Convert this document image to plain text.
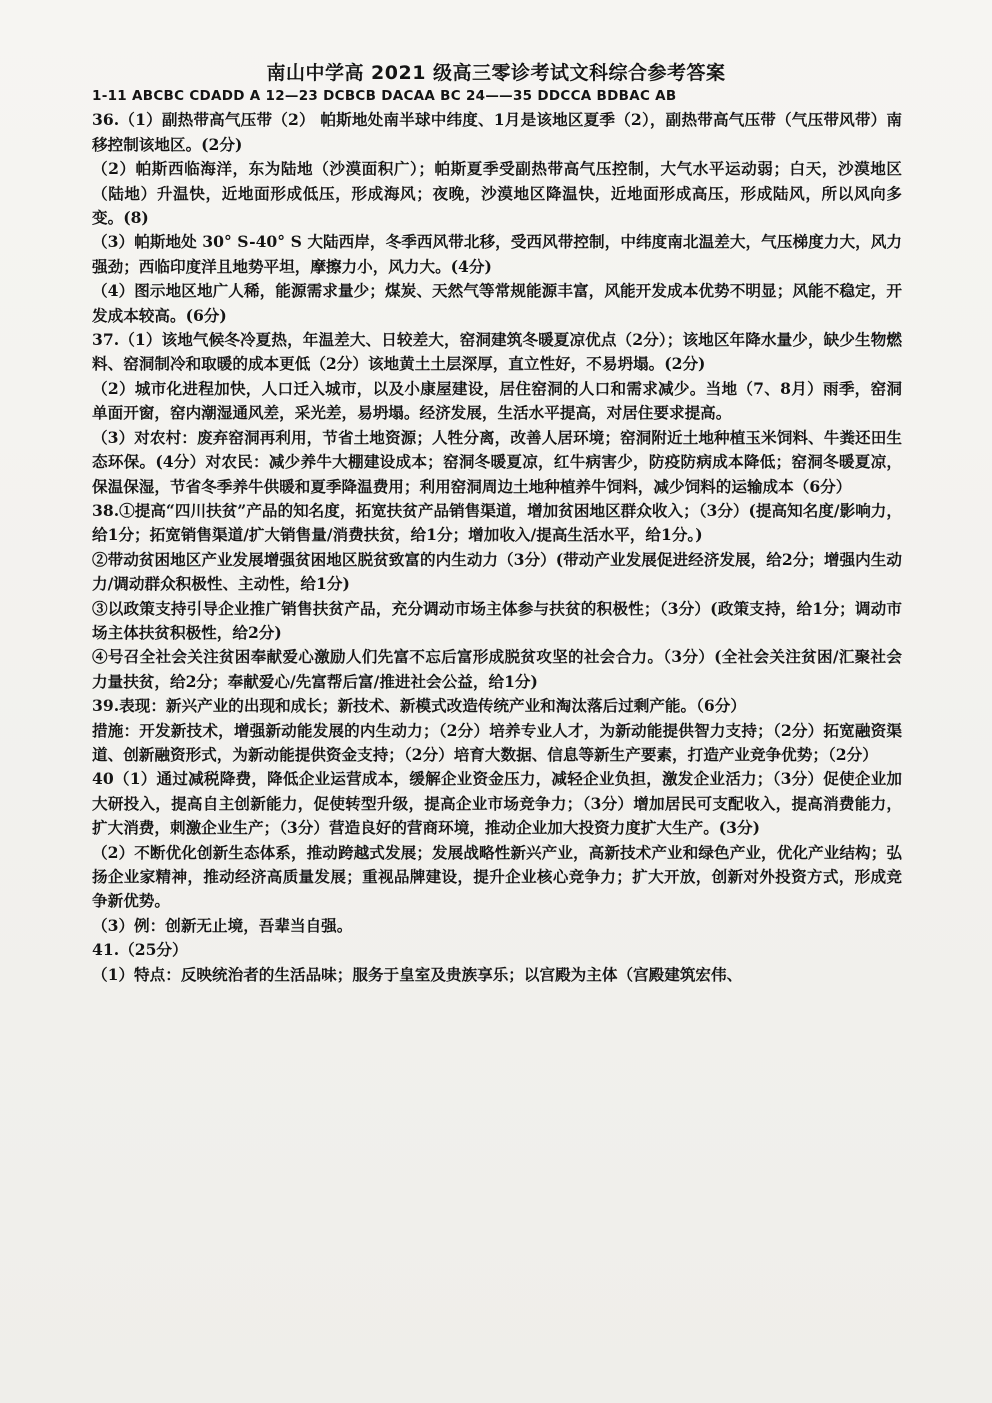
南山中学高 2021 级高三零诊考试文科综合参考答案
1-11 ABCBC CDADD A 12—23 DCBCB DACAA BC 24——35 DDCCA BDBAC AB

36.（1）副热带高气压带（2） 帕斯地处南半球中纬度、1月是该地区夏季（2），副热带高气压带（气压带风带）南移控制该地区。(2分)

（2）帕斯西临海洋，东为陆地（沙漠面积广）；帕斯夏季受副热带高气压控制，大气水平运动弱；白天，沙漠地区（陆地）升温快，近地面形成低压，形成海风；夜晚，沙漠地区降温快，近地面形成高压，形成陆风，所以风向多变。(8)

（3）帕斯地处 30° S-40° S 大陆西岸，冬季西风带北移，受西风带控制，中纬度南北温差大，气压梯度力大，风力强劲；西临印度洋且地势平坦，摩擦力小，风力大。(4分)

（4）图示地区地广人稀，能源需求量少；煤炭、天然气等常规能源丰富，风能开发成本优势不明显；风能不稳定，开发成本较高。(6分)

37.（1）该地气候冬冷夏热，年温差大、日较差大，窑洞建筑冬暖夏凉优点（2分）；该地区年降水量少，缺少生物燃料、窑洞制冷和取暖的成本更低（2分）该地黄土土层深厚，直立性好，不易坍塌。(2分)

（2）城市化进程加快，人口迁入城市，以及小康屋建设，居住窑洞的人口和需求减少。当地（7、8月）雨季，窑洞单面开窗，窑内潮湿通风差，采光差，易坍塌。经济发展，生活水平提高，对居住要求提高。

（3）对农村：废弃窑洞再利用，节省土地资源；人牲分离，改善人居环境；窑洞附近土地种植玉米饲料、牛粪还田生态环保。(4分）对农民：减少养牛大棚建设成本；窑洞冬暖夏凉，红牛病害少，防疫防病成本降低；窑洞冬暖夏凉，保温保湿，节省冬季养牛供暖和夏季降温费用；利用窑洞周边土地种植养牛饲料，减少饲料的运输成本（6分）

38.①提高“四川扶贫”产品的知名度，拓宽扶贫产品销售渠道，增加贫困地区群众收入；（3分）(提高知名度/影响力，给1分；拓宽销售渠道/扩大销售量/消费扶贫，给1分；增加收入/提高生活水平，给1分。)

②带动贫困地区产业发展增强贫困地区脱贫致富的内生动力（3分）(带动产业发展促进经济发展，给2分；增强内生动力/调动群众积极性、主动性，给1分)

③以政策支持引导企业推广销售扶贫产品，充分调动市场主体参与扶贫的积极性；（3分）(政策支持，给1分；调动市场主体扶贫积极性，给2分)

④号召全社会关注贫困奉献爱心激励人们先富不忘后富形成脱贫攻坚的社会合力。（3分）(全社会关注贫困/汇聚社会力量扶贫，给2分；奉献爱心/先富帮后富/推进社会公益，给1分)

39.表现：新兴产业的出现和成长；新技术、新模式改造传统产业和淘汰落后过剩产能。（6分）

措施：开发新技术，增强新动能发展的内生动力；（2分）培养专业人才，为新动能提供智力支持；（2分）拓宽融资渠道、创新融资形式，为新动能提供资金支持；（2分）培育大数据、信息等新生产要素，打造产业竞争优势；（2分）

40（1）通过减税降费，降低企业运营成本，缓解企业资金压力，减轻企业负担，激发企业活力；（3分）促使企业加大研投入，提高自主创新能力，促使转型升级，提高企业市场竞争力；（3分）增加居民可支配收入，提高消费能力，扩大消费，刺激企业生产；（3分）营造良好的营商环境，推动企业加大投资力度扩大生产。(3分)

（2）不断优化创新生态体系，推动跨越式发展；发展战略性新兴产业，高新技术产业和绿色产业，优化产业结构；弘扬企业家精神，推动经济高质量发展；重视品牌建设，提升企业核心竞争力；扩大开放，创新对外投资方式，形成竞争新优势。

（3）例：创新无止境，吾辈当自强。

41.（25分）

（1）特点：反映统治者的生活品味；服务于皇室及贵族享乐；以宫殿为主体（宫殿建筑宏伟、
